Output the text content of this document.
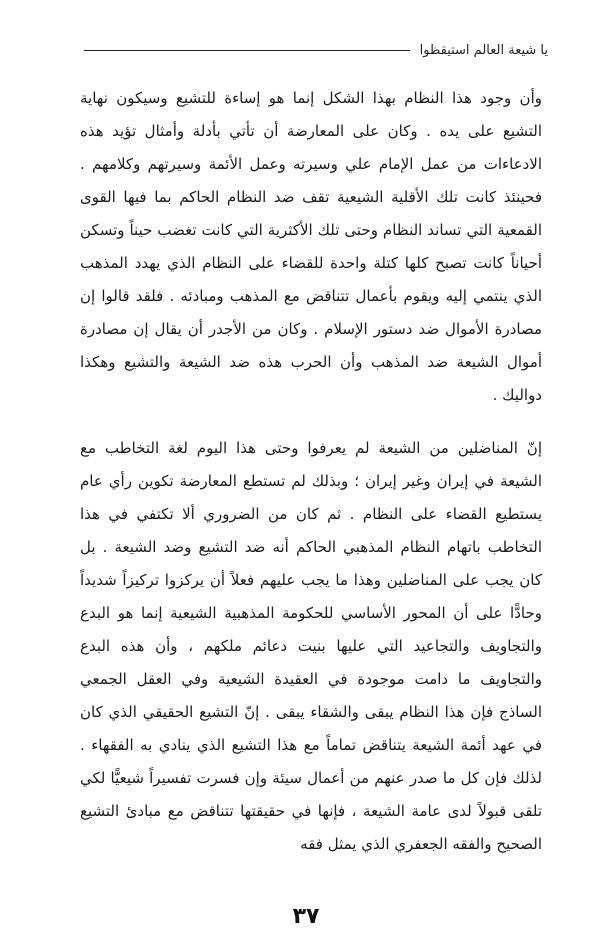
يا شيعة العالم استيقظوا

وأن وجود هذا النظام بهذا الشكل إنما هو إساءة للتشيع وسيكون نهاية التشيع على يده . وكان على المعارضة أن تأتي بأدلة وأمثال تؤيد هذه الادعاءات من عمل الإمام علي وسيرته وعمل الأئمة وسيرتهم وكلامهم . فحينئذ كانت تلك الأقلية الشيعية تقف ضد النظام الحاكم بما فيها القوى القمعية التي تساند النظام وحتى تلك الأكثرية التي كانت تغضب حيناً وتسكن أحياناً كانت تصبح كلها كتلة واحدة للقضاء على النظام الذي يهدد المذهب الذي ينتمي إليه ويقوم بأعمال تتناقض مع المذهب ومبادئه . فلقد قالوا إن مصادرة الأموال ضد دستور الإسلام . وكان من الأجدر أن يقال إن مصادرة أموال الشيعة ضد المذهب وأن الحرب هذه ضد الشيعة والتشيع وهكذا دواليك .

إنّ المناضلين من الشيعة لم يعرفوا وحتى هذا اليوم لغة التخاطب مع الشيعة في إيران وغير إيران ؛ وبذلك لم تستطع المعارضة تكوين رأي عام يستطيع القضاء على النظام . ثم كان من الضروري ألا تكتفي في هذا التخاطب باتهام النظام المذهبي الحاكم أنه ضد التشيع وضد الشيعة . بل كان يجب على المناضلين وهذا ما يجب عليهم فعلاً أن يركزوا تركيزاً شديداً وحادًّا على أن المحور الأساسي للحكومة المذهبية الشيعية إنما هو البدع والتجاويف والتجاعيد التي عليها بنيت دعائم ملكهم ، وأن هذه البدع والتجاويف ما دامت موجودة في العقيدة الشيعية وفي العقل الجمعي الساذج فإن هذا النظام يبقى والشقاء يبقى . إنّ التشيع الحقيقي الذي كان في عهد أئمة الشيعة يتناقض تماماً مع هذا التشيع الذي ينادي به الفقهاء . لذلك فإن كل ما صدر عنهم من أعمال سيئة وإن فسرت تفسيراً شيعيًّا لكي تلقى قبولاً لدى عامة الشيعة ، فإنها في حقيقتها تتناقض مع مبادئ التشيع الصحيح والفقه الجعفري الذي يمثل فقه

٣٧
